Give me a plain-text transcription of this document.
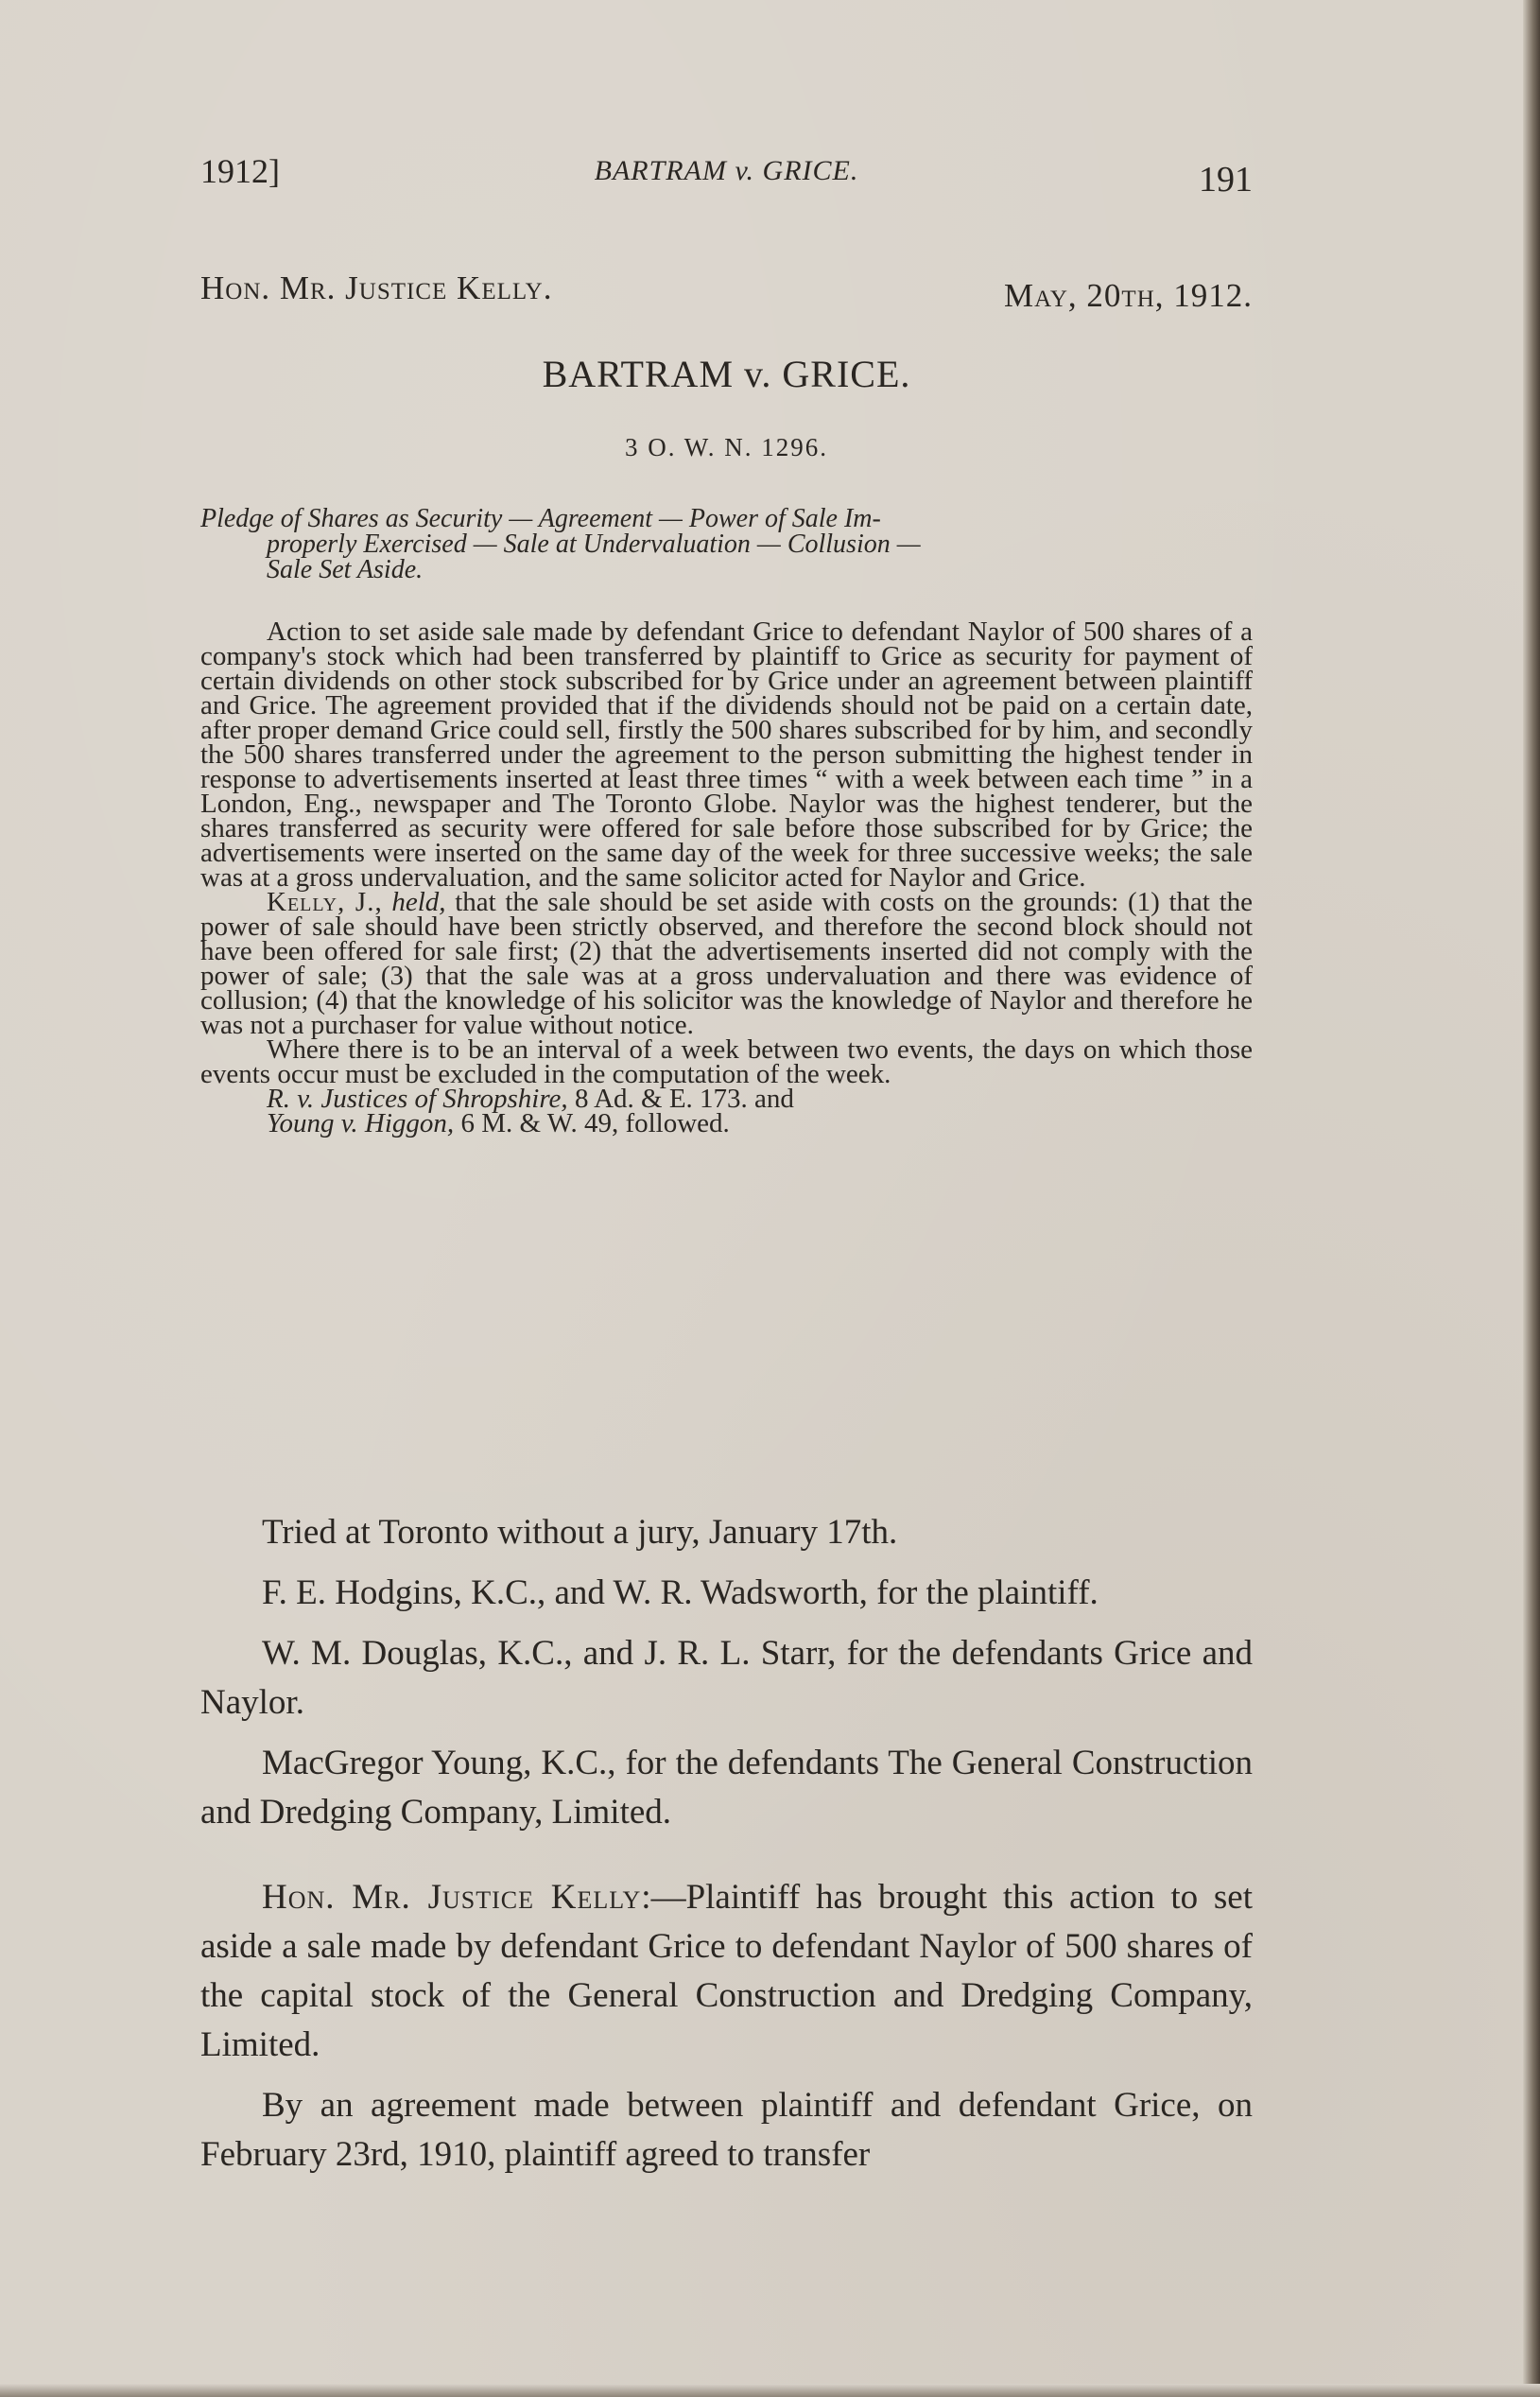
1912]	BARTRAM v. GRICE.	191
Hon. Mr. Justice Kelly.	May, 20th, 1912.
BARTRAM v. GRICE.
3 O. W. N. 1296.
Pledge of Shares as Security — Agreement — Power of Sale Im-
properly Exercised — Sale at Undervaluation — Collusion —
Sale Set Aside.

Action to set aside sale made by defendant Grice to defendant Naylor of 500 shares of a company's stock which had been transferred by plaintiff to Grice as security for payment of certain dividends on other stock subscribed for by Grice under an agreement between plaintiff and Grice. The agreement provided that if the dividends should not be paid on a certain date, after proper demand Grice could sell, firstly the 500 shares subscribed for by him, and secondly the 500 shares transferred under the agreement to the person submitting the highest tender in response to advertisements inserted at least three times “ with a week between each time ” in a London, Eng., newspaper and The Toronto Globe. Naylor was the highest tenderer, but the shares transferred as security were offered for sale before those subscribed for by Grice; the advertisements were inserted on the same day of the week for three successive weeks; the sale was at a gross undervaluation, and the same solicitor acted for Naylor and Grice.

Kelly, J., held, that the sale should be set aside with costs on the grounds: (1) that the power of sale should have been strictly observed, and therefore the second block should not have been offered for sale first; (2) that the advertisements inserted did not comply with the power of sale; (3) that the sale was at a gross undervaluation and there was evidence of collusion; (4) that the knowledge of his solicitor was the knowledge of Naylor and therefore he was not a purchaser for value without notice.

Where there is to be an interval of a week between two events, the days on which those events occur must be excluded in the computation of the week.

R. v. Justices of Shropshire, 8 Ad. & E. 173. and
Young v. Higgon, 6 M. & W. 49, followed.

Tried at Toronto without a jury, January 17th.

F. E. Hodgins, K.C., and W. R. Wadsworth, for the plaintiff.

W. M. Douglas, K.C., and J. R. L. Starr, for the defendants Grice and Naylor.

MacGregor Young, K.C., for the defendants The General Construction and Dredging Company, Limited.

Hon. Mr. Justice Kelly:—Plaintiff has brought this action to set aside a sale made by defendant Grice to defendant Naylor of 500 shares of the capital stock of the General Construction and Dredging Company, Limited.

By an agreement made between plaintiff and defendant Grice, on February 23rd, 1910, plaintiff agreed to transfer
